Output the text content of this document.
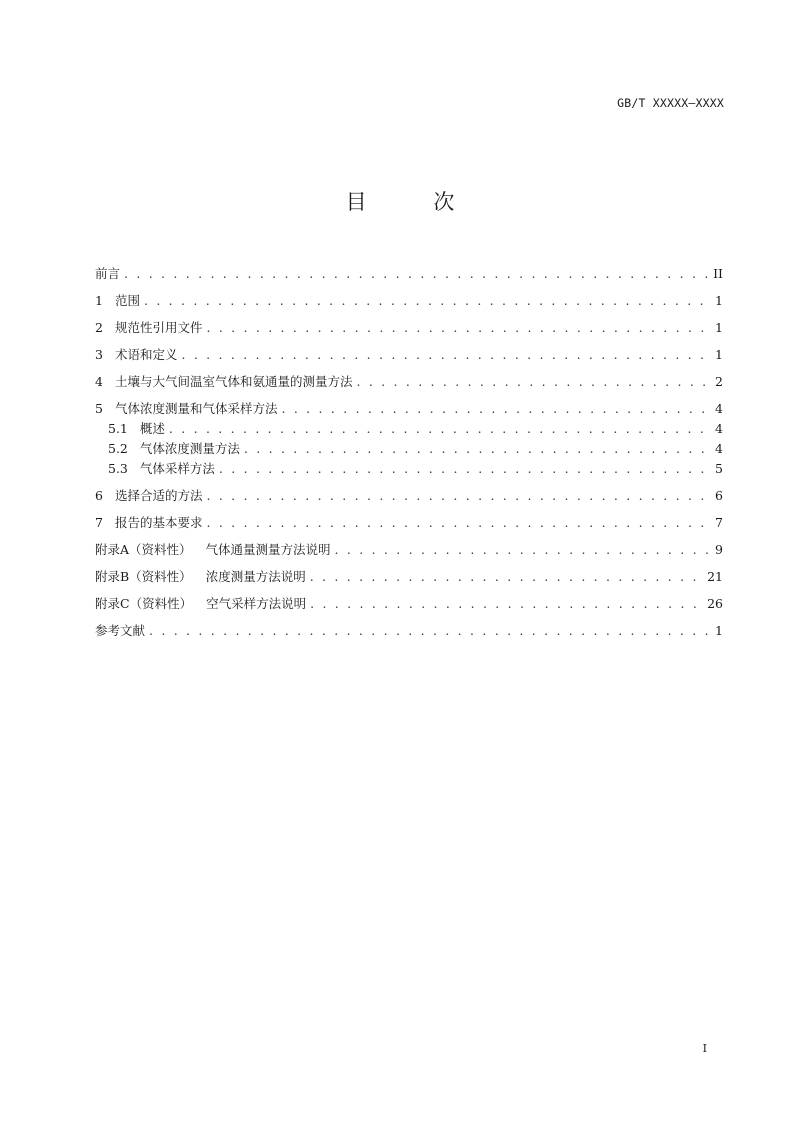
GB/T XXXXX—XXXX
目 次
前言 . . .	II
1 范围 . . .	1
2 规范性引用文件 . . .	1
3 术语和定义 . . .	1
4 土壤与大气间温室气体和氨通量的测量方法 . . .	2
5 气体浓度测量和气体采样方法 . . .	4
5.1 概述 . . .	4
5.2 气体浓度测量方法 . . .	4
5.3 气体采样方法 . . .	5
6 选择合适的方法 . . .	6
7 报告的基本要求 . . .	7
附录A（资料性） 气体通量测量方法说明 . . .	9
附录B（资料性） 浓度测量方法说明 . . .	21
附录C（资料性） 空气采样方法说明 . . .	26
参考文献 . . .	1
I
